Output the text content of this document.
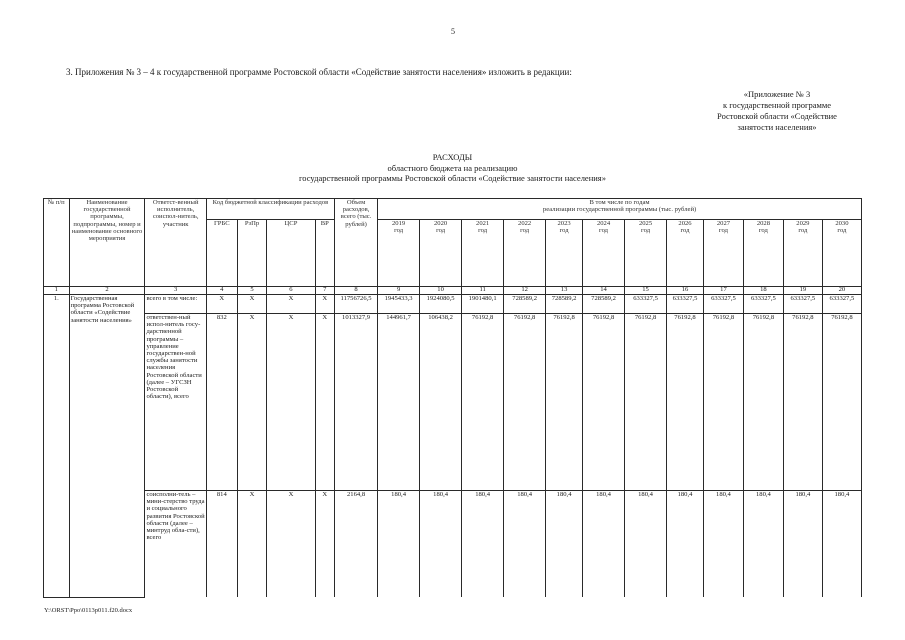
5
3. Приложения № 3 – 4 к государственной программе Ростовской области «Содействие занятости населения» изложить в редакции:
«Приложение № 3
к государственной программе
Ростовской области «Содействие
занятости населения»
РАСХОДЫ
областного бюджета на реализацию
государственной программы Ростовской области «Содействие занятости населения»
№ п/п	Наименование государственной программы, подпрограммы, номер и наименование основного мероприятия	Ответст-венный исполнитель, соиспол-нитель, участник	Код бюджетной классификации расходов				Объем расходов, всего (тыс. рублей)	В том числе по годам
реализации государственной программы (тыс. рублей)											

			ГРБС	РзПр	ЦСР	ВР		2019
год	2020
год	2021
год	2022
год	2023
год	2024
год	2025
год	2026
год	2027
год	2028
год	2029
год	2030
год

1	2	3	4	5	6	7	8	9	10	11	12	13	14	15	16	17	18	19	20
1.	Государственная программа Ростовской области «Содействие занятости населения»	всего в том числе:	X	X	X	X	11756726,5	1945433,3	1924080,5	1901480,1	728589,2	728589,2	728589,2	633327,5	633327,5	633327,5	633327,5	633327,5	633327,5
		ответствен-ный испол-нитель госу-дарственной программы – управление государствен-ной службы занятости населения Ростовской области (далее – УГСЗН Ростовской области), всего	832	X	X	X	1013327,9	144961,7	106438,2	76192,8	76192,8	76192,8	76192,8	76192,8	76192,8	76192,8	76192,8	76192,8	76192,8
		соисполни-тель – мини-стерство труда и социального развития Ростовской области (далее – минтруд обла-сти), всего	814	X	X	X	2164,8	180,4	180,4	180,4	180,4	180,4	180,4	180,4	180,4	180,4	180,4	180,4	180,4
Y:\ORST\Ppo\0113p011.f20.docx
